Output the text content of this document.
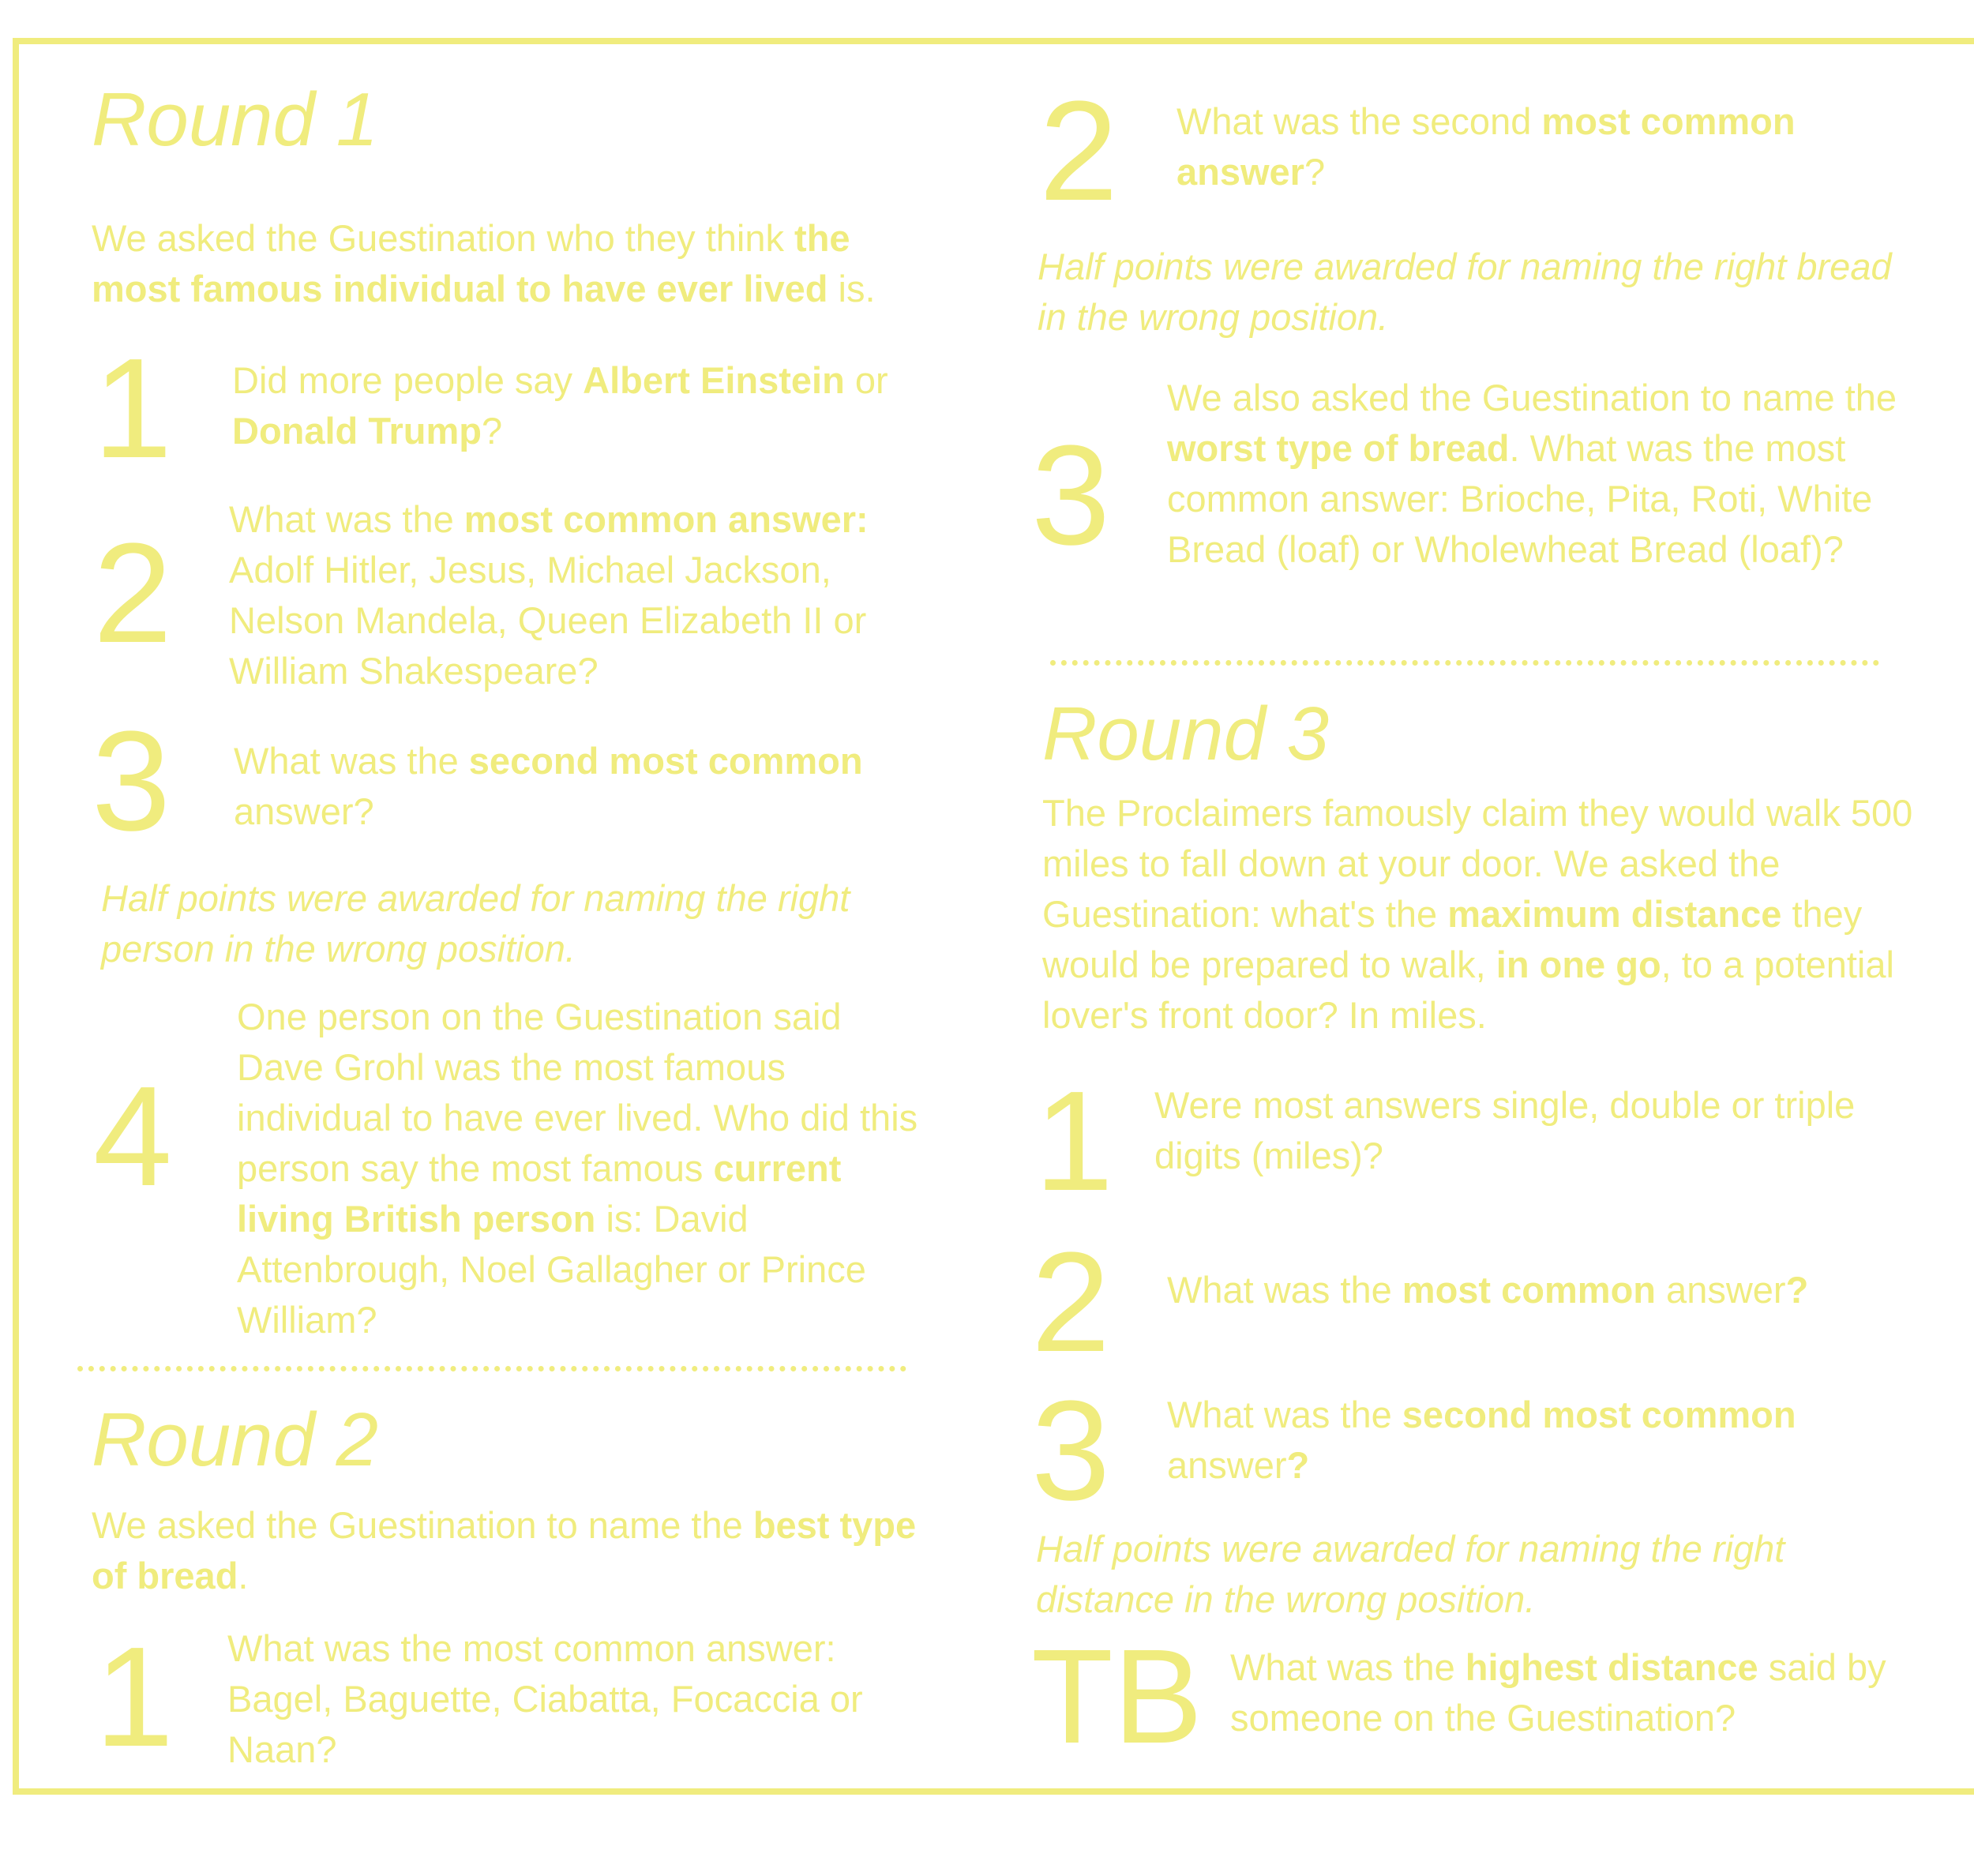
Round 1
We asked the Guestination who they think the most famous individual to have ever lived is.
1 Did more people say Albert Einstein or Donald Trump?
2 What was the most common answer: Adolf Hitler, Jesus, Michael Jackson, Nelson Mandela, Queen Elizabeth II or William Shakespeare?
3 What was the second most common answer?
Half points were awarded for naming the right person in the wrong position.
4
One person on the Guestination said Dave Grohl was the most famous individual to have ever lived. Who did this person say the most famous current living British person is: David Attenbrough, Noel Gallagher or Prince William?
Round 2
We asked the Guestination to name the best type of bread.
1 What was the most common answer: Bagel, Baguette, Ciabatta, Focaccia or Naan?
2 What was the second most common answer?
Half points were awarded for naming the right bread in the wrong position.
3
We also asked the Guestination to name the worst type of bread. What was the most common answer: Brioche, Pita, Roti, White Bread (loaf) or Wholewheat Bread (loaf)?
Round 3
The Proclaimers famously claim they would walk 500 miles to fall down at your door. We asked the Guestination: what's the maximum distance they would be prepared to walk, in one go, to a potential lover's front door? In miles.
1 Were most answers single, double or triple digits (miles)?
2 What was the most common answer?
3 What was the second most common answer?
Half points were awarded for naming the right distance in the wrong position.
TB What was the highest distance said by someone on the Guestination?
